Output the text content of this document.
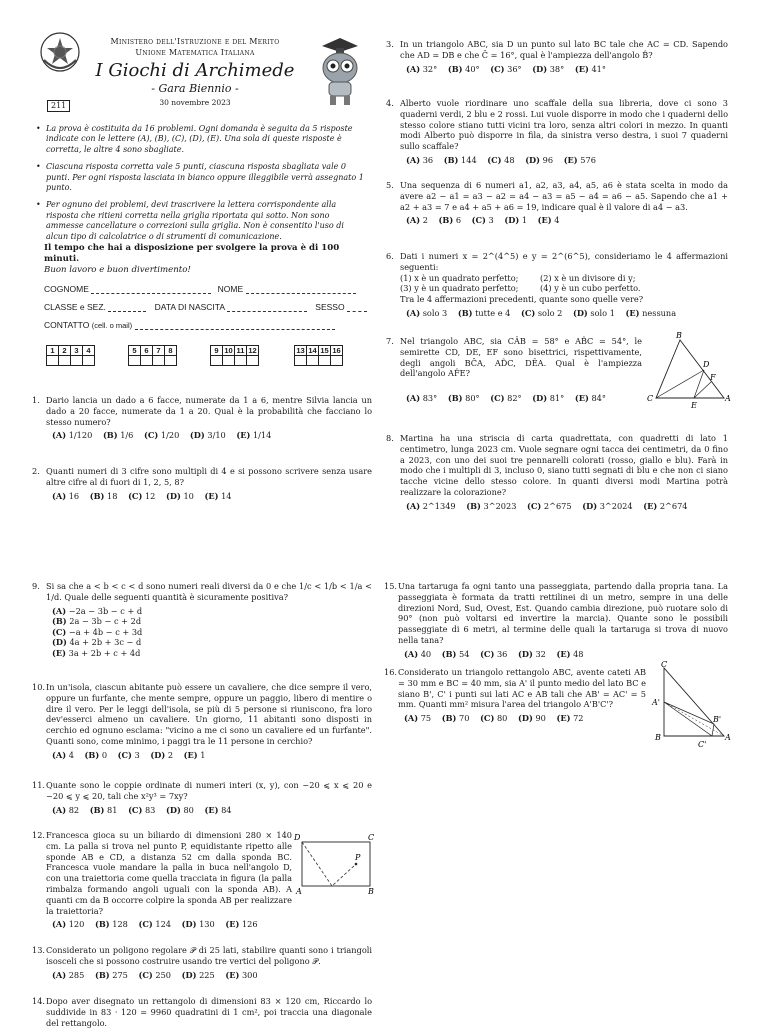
Ministero dell'Istruzione e del Merito
Unione Matematica Italiana
I Giochi di Archimede
- Gara Biennio -
30 novembre 2023
211
• La prova è costituita da 16 problemi. Ogni domanda è seguita da 5 risposte indicate con le lettere (A), (B), (C), (D), (E). Una sola di queste risposte è corretta, le altre 4 sono sbagliate.
• Ciascuna risposta corretta vale 5 punti, ciascuna risposta sbagliata vale 0 punti. Per ogni risposta lasciata in bianco oppure illeggibile verrà assegnato 1 punto.
• Per ognuno dei problemi, devi trascrivere la lettera corrispondente alla risposta che ritieni corretta nella griglia riportata qui sotto. Non sono ammesse cancellature o correzioni sulla griglia. Non è consentito l'uso di alcun tipo di calcolatrice o di strumenti di comunicazione.
Il tempo che hai a disposizione per svolgere la prova è di 100 minuti.
Buon lavoro e buon divertimento!
COGNOME	NOME
CLASSE e SEZ.	DATA DI NASCITA	SESSO
CONTATTO (cell. o mail)
1	2	3	4
				5	6	7	8
				9	10	11	12
				13	14	15	16

1. Dario lancia un dado a 6 facce, numerate da 1 a 6, mentre Silvia lancia un dado a 20 facce, numerate da 1 a 20. Qual è la probabilità che facciano lo stesso numero?
(A) 1/120 (B) 1/6 (C) 1/20 (D) 3/10 (E) 1/14
2. Quanti numeri di 3 cifre sono multipli di 4 e si possono scrivere senza usare altre cifre al di fuori di 1, 2, 5, 8?
(A) 16 (B) 18 (C) 12 (D) 10 (E) 14
9. Si sa che a < b < c < d sono numeri reali diversi da 0 e che 1/c < 1/b < 1/a < 1/d. Quale delle seguenti quantità è sicuramente positiva?
(A) −2a − 3b − c + d
(B) 2a − 3b − c + 2d
(C) −a + 4b − c + 3d
(D) 4a + 2b + 3c − d
(E) 3a + 2b + c + 4d
10. In un'isola, ciascun abitante può essere un cavaliere, che dice sempre il vero, oppure un furfante, che mente sempre, oppure un paggio, libero di mentire o dire il vero. Per le leggi dell'isola, se più di 5 persone si riuniscono, fra loro dev'esserci almeno un cavaliere. Un giorno, 11 abitanti sono disposti in cerchio ed ognuno esclama: "vicino a me ci sono un cavaliere ed un furfante". Quanti sono, come minimo, i paggi tra le 11 persone in cerchio?
(A) 4 (B) 0 (C) 3 (D) 2 (E) 1
11. Quante sono le coppie ordinate di numeri interi (x, y), con −20 ⩽ x ⩽ 20 e −20 ⩽ y ⩽ 20, tali che x²y³ = 7xy?
(A) 82 (B) 81 (C) 83 (D) 80 (E) 84
12. Francesca gioca su un biliardo di dimensioni 280 × 140 cm. La palla si trova nel punto P, equidistante ripetto alle sponde AB e CD, a distanza 52 cm dalla sponda BC. Francesca vuole mandare la palla in buca nell'angolo D, con una traiettoria come quella tracciata in figura (la palla rimbalza formando angoli uguali con la sponda AB). A quanti cm da B occorre colpire la sponda AB per realizzare la traiettoria?
(A) 120 (B) 128 (C) 124 (D) 130 (E) 126
D	C
P
A	B
13. Considerato un poligono regolare 𝒫 di 25 lati, stabilire quanti sono i triangoli isosceli che si possono costruire usando tre vertici del poligono 𝒫.
(A) 285 (B) 275 (C) 250 (D) 225 (E) 300
14. Dopo aver disegnato un rettangolo di dimensioni 83 × 120 cm, Riccardo lo suddivide in 83 · 120 = 9960 quadratini di 1 cm², poi traccia una diagonale del rettangolo.
3. In un triangolo ABC, sia D un punto sul lato BC tale che AC = CD. Sapendo che AD = DB e che Ĉ = 16°, qual è l'ampiezza dell'angolo B̂?
(A) 32° (B) 40° (C) 36° (D) 38° (E) 41°
4. Alberto vuole riordinare uno scaffale della sua libreria, dove ci sono 3 quaderni verdi, 2 blu e 2 rossi. Lui vuole disporre in modo che i quaderni dello stesso colore stiano tutti vicini tra loro, senza altri colori in mezzo. In quanti modi Alberto può disporre in fila, da sinistra verso destra, i suoi 7 quaderni sullo scaffale?
(A) 36 (B) 144 (C) 48 (D) 96 (E) 576
5. Una sequenza di 6 numeri a1, a2, a3, a4, a5, a6 è stata scelta in modo da avere a2 − a1 = a3 − a2 = a4 − a3 = a5 − a4 = a6 − a5. Sapendo che a1 + a2 + a3 = 7 e a4 + a5 + a6 = 19, indicare qual è il valore di a4 − a3.
(A) 2 (B) 6 (C) 3 (D) 1 (E) 4
6. Dati i numeri x = 2^(4^5) e y = 2^(6^5), consideriamo le 4 affermazioni seguenti:
(1) x è un quadrato perfetto;	(2) x è un divisore di y;
(3) y è un quadrato perfetto;	(4) y è un cubo perfetto.
Tra le 4 affermazioni precedenti, quante sono quelle vere?
(A) solo 3 (B) tutte e 4 (C) solo 2 (D) solo 1 (E) nessuna
7. Nel triangolo ABC, sia CÂB = 58° e AB̂C = 54°, le semirette CD, DE, EF sono bisettrici, rispettivamente, degli angoli BĈA, AD̂C, DÊA. Qual è l'ampiezza dell'angolo AF̂E?
(A) 83° (B) 80° (C) 82° (D) 81° (E) 84°
B
D
F
C
E
A
8. Martina ha una striscia di carta quadrettata, con quadretti di lato 1 centimetro, lunga 2023 cm. Vuole segnare ogni tacca dei centimetri, da 0 fino a 2023, con uno dei suoi tre pennarelli colorati (rosso, giallo e blu). Farà in modo che i multipli di 3, incluso 0, siano tutti segnati di blu e che non ci siano tacche vicine dello stesso colore. In quanti diversi modi Martina potrà realizzare la colorazione?
(A) 2^1349 (B) 3^2023 (C) 2^675 (D) 3^2024 (E) 2^674
15. Una tartaruga fa ogni tanto una passeggiata, partendo dalla propria tana. La passeggiata è formata da tratti rettilinei di un metro, sempre in una delle direzioni Nord, Sud, Ovest, Est. Quando cambia direzione, può ruotare solo di 90° (non può voltarsi ed invertire la marcia). Quante sono le possibili passeggiate di 6 metri, al termine delle quali la tartaruga si trova di nuovo nella tana?
(A) 40 (B) 54 (C) 36 (D) 32 (E) 48
16. Considerato un triangolo rettangolo ABC, avente cateti AB = 30 mm e BC = 40 mm, sia A' il punto medio del lato BC e siano B', C' i punti sui lati AC e AB tali che AB' = AC' = 5 mm. Quanti mm² misura l'area del triangolo A'B'C'?
(A) 75 (B) 70 (C) 80 (D) 90 (E) 72
C
A'
B'
B
C'
A
